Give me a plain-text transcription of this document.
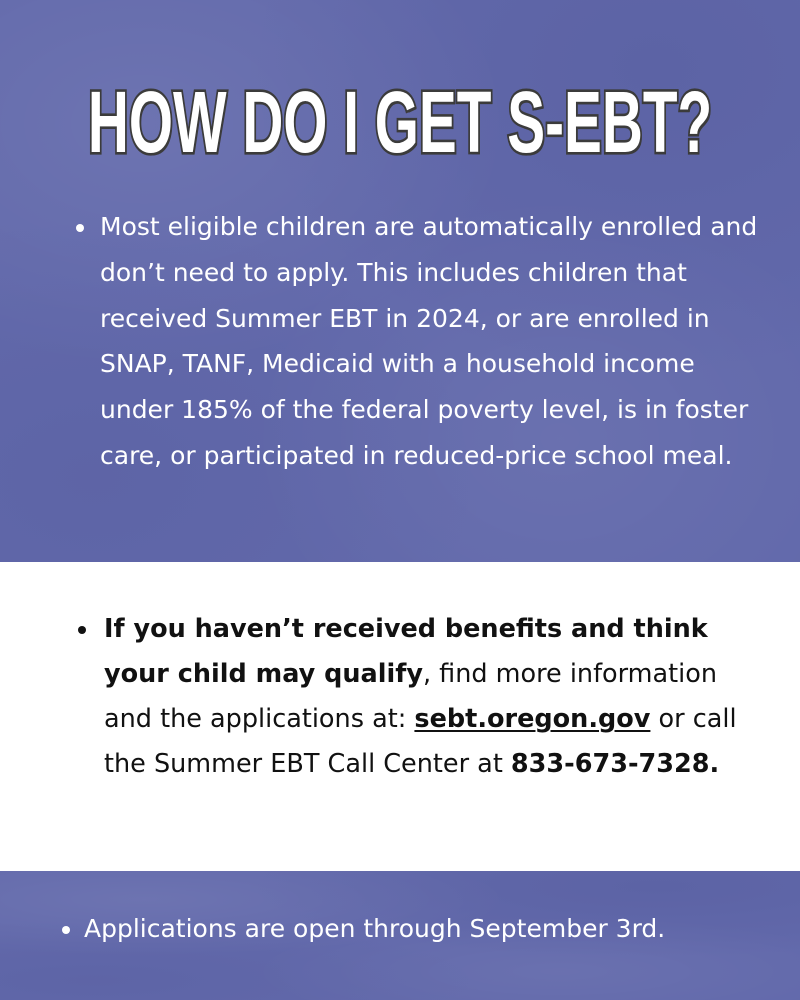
HOW DO I GET S-EBT?
Most eligible children are automatically enrolled and don’t need to apply. This includes children that received Summer EBT in 2024, or are enrolled in SNAP, TANF, Medicaid with a household income under 185% of the federal poverty level, is in foster care, or participated in reduced-price school meal.
If you haven’t received benefits and think your child may qualify, find more information and the applications at: sebt.oregon.gov or call the Summer EBT Call Center at 833-673-7328.
Applications are open through September 3rd.
